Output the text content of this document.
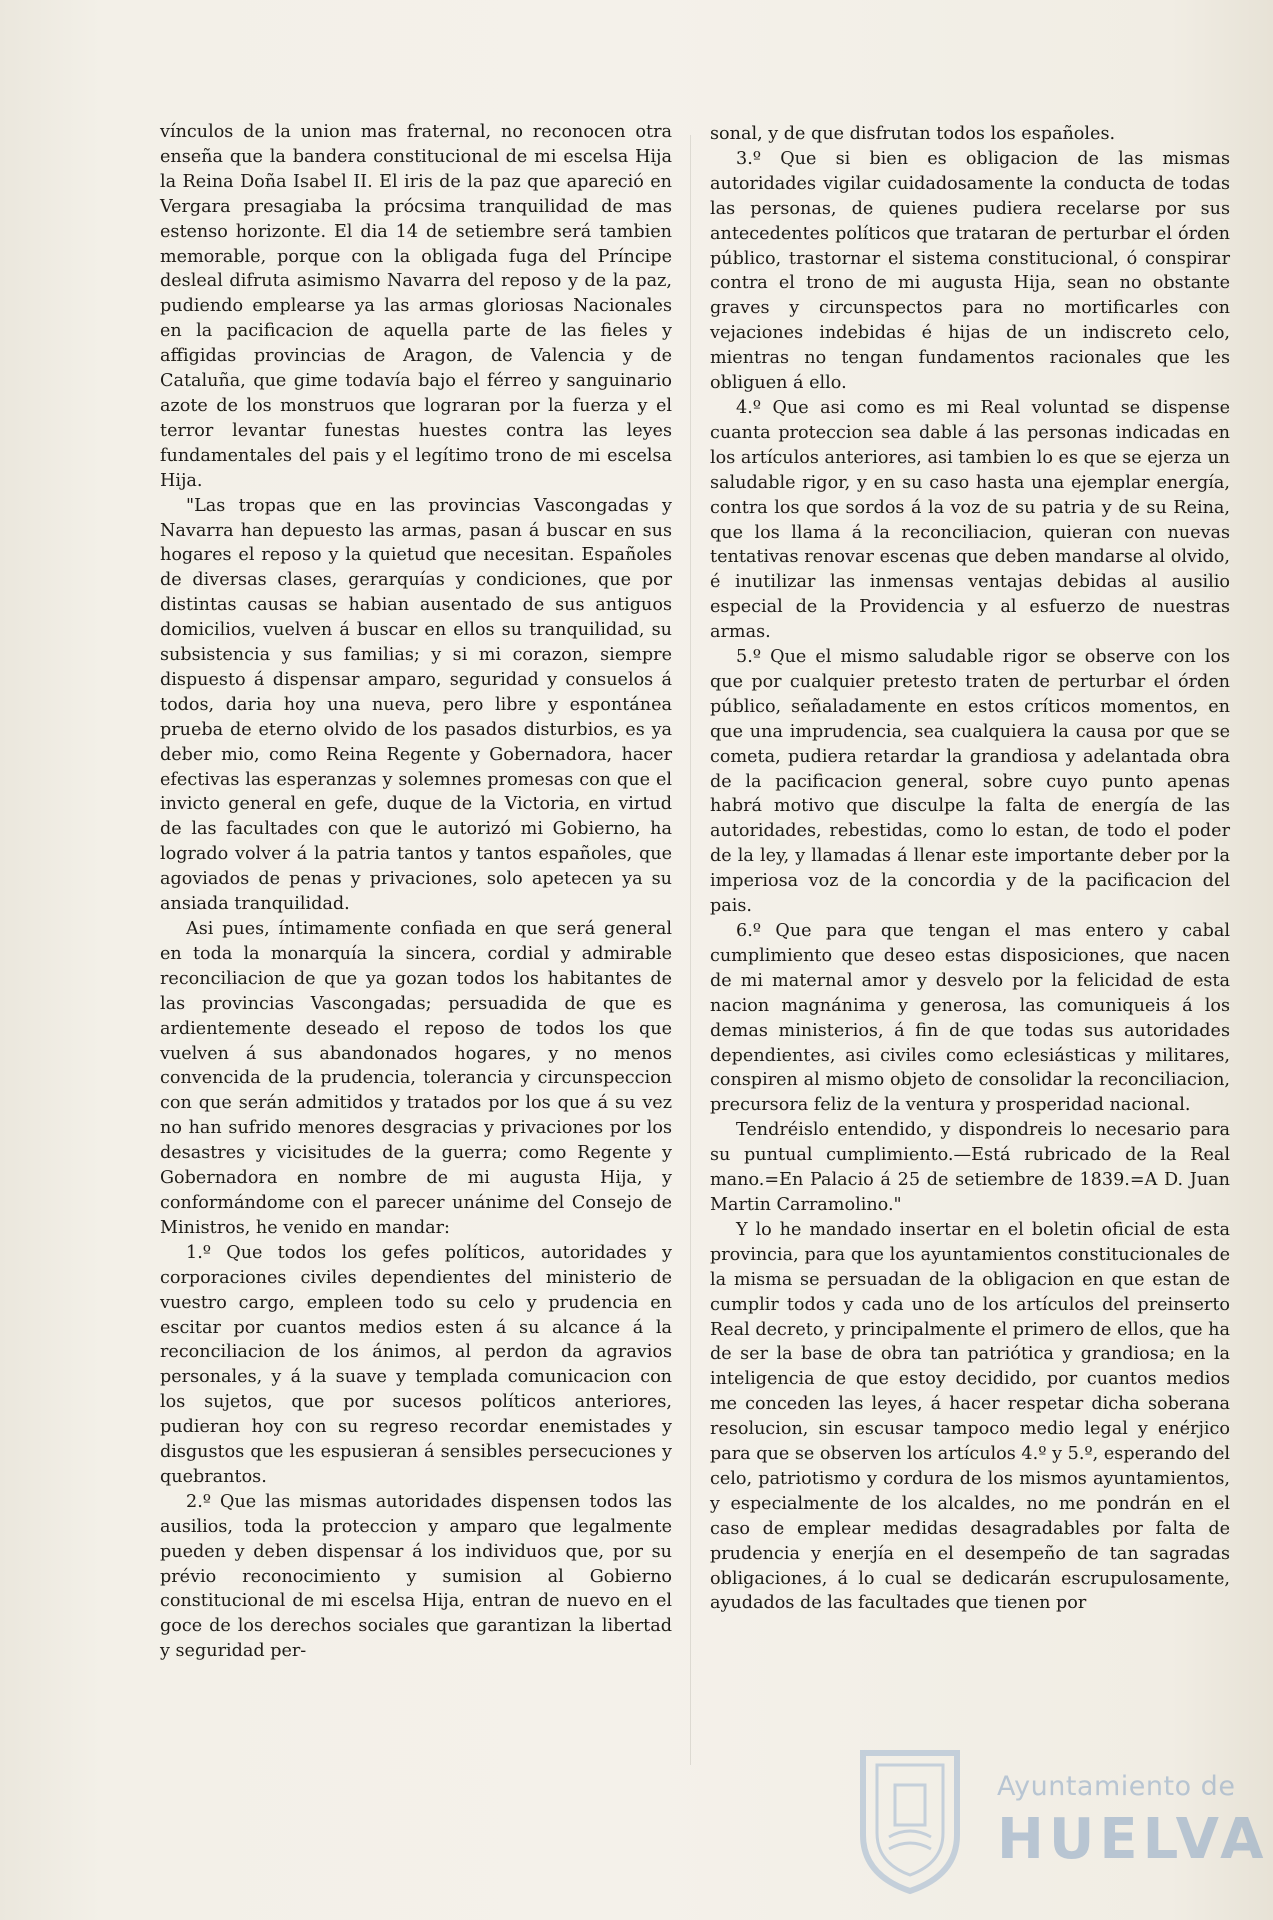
vínculos de la union mas fraternal, no reconocen otra enseña que la bandera constitucional de mi escelsa Hija la Reina Doña Isabel II. El iris de la paz que apareció en Vergara presagiaba la prócsima tranquilidad de mas estenso horizonte. El dia 14 de setiembre será tambien memorable, porque con la obligada fuga del Príncipe desleal difruta asimismo Navarra del reposo y de la paz, pudiendo emplearse ya las armas gloriosas Nacionales en la pacificacion de aquella parte de las fieles y affigidas provincias de Aragon, de Valencia y de Cataluña, que gime todavía bajo el férreo y sanguinario azote de los monstruos que lograran por la fuerza y el terror levantar funestas huestes contra las leyes fundamentales del pais y el legítimo trono de mi escelsa Hija.

"Las tropas que en las provincias Vascongadas y Navarra han depuesto las armas, pasan á buscar en sus hogares el reposo y la quietud que necesitan. Españoles de diversas clases, gerarquías y condiciones, que por distintas causas se habian ausentado de sus antiguos domicilios, vuelven á buscar en ellos su tranquilidad, su subsistencia y sus familias; y si mi corazon, siempre dispuesto á dispensar amparo, seguridad y consuelos á todos, daria hoy una nueva, pero libre y espontánea prueba de eterno olvido de los pasados disturbios, es ya deber mio, como Reina Regente y Gobernadora, hacer efectivas las esperanzas y solemnes promesas con que el invicto general en gefe, duque de la Victoria, en virtud de las facultades con que le autorizó mi Gobierno, ha logrado volver á la patria tantos y tantos españoles, que agoviados de penas y privaciones, solo apetecen ya su ansiada tranquilidad.

Asi pues, íntimamente confiada en que será general en toda la monarquía la sincera, cordial y admirable reconciliacion de que ya gozan todos los habitantes de las provincias Vascongadas; persuadida de que es ardientemente deseado el reposo de todos los que vuelven á sus abandonados hogares, y no menos convencida de la prudencia, tolerancia y circunspeccion con que serán admitidos y tratados por los que á su vez no han sufrido menores desgracias y privaciones por los desastres y vicisitudes de la guerra; como Regente y Gobernadora en nombre de mi augusta Hija, y conformándome con el parecer unánime del Consejo de Ministros, he venido en mandar:

1.º Que todos los gefes políticos, autoridades y corporaciones civiles dependientes del ministerio de vuestro cargo, empleen todo su celo y prudencia en escitar por cuantos medios esten á su alcance á la reconciliacion de los ánimos, al perdon da agravios personales, y á la suave y templada comunicacion con los sujetos, que por sucesos políticos anteriores, pudieran hoy con su regreso recordar enemistades y disgustos que les espusieran á sensibles persecuciones y quebrantos.

2.º Que las mismas autoridades dispensen todos las ausilios, toda la proteccion y amparo que legalmente pueden y deben dispensar á los individuos que, por su prévio reconocimiento y sumision al Gobierno constitucional de mi escelsa Hija, entran de nuevo en el goce de los derechos sociales que garantizan la libertad y seguridad per-

sonal, y de que disfrutan todos los españoles.

3.º Que si bien es obligacion de las mismas autoridades vigilar cuidadosamente la conducta de todas las personas, de quienes pudiera recelarse por sus antecedentes políticos que trataran de perturbar el órden público, trastornar el sistema constitucional, ó conspirar contra el trono de mi augusta Hija, sean no obstante graves y circunspectos para no mortificarles con vejaciones indebidas é hijas de un indiscreto celo, mientras no tengan fundamentos racionales que les obliguen á ello.

4.º Que asi como es mi Real voluntad se dispense cuanta proteccion sea dable á las personas indicadas en los artículos anteriores, asi tambien lo es que se ejerza un saludable rigor, y en su caso hasta una ejemplar energía, contra los que sordos á la voz de su patria y de su Reina, que los llama á la reconciliacion, quieran con nuevas tentativas renovar escenas que deben mandarse al olvido, é inutilizar las inmensas ventajas debidas al ausilio especial de la Providencia y al esfuerzo de nuestras armas.

5.º Que el mismo saludable rigor se observe con los que por cualquier pretesto traten de perturbar el órden público, señaladamente en estos críticos momentos, en que una imprudencia, sea cualquiera la causa por que se cometa, pudiera retardar la grandiosa y adelantada obra de la pacificacion general, sobre cuyo punto apenas habrá motivo que disculpe la falta de energía de las autoridades, rebestidas, como lo estan, de todo el poder de la ley, y llamadas á llenar este importante deber por la imperiosa voz de la concordia y de la pacificacion del pais.

6.º Que para que tengan el mas entero y cabal cumplimiento que deseo estas disposiciones, que nacen de mi maternal amor y desvelo por la felicidad de esta nacion magnánima y generosa, las comuniqueis á los demas ministerios, á fin de que todas sus autoridades dependientes, asi civiles como eclesiásticas y militares, conspiren al mismo objeto de consolidar la reconciliacion, precursora feliz de la ventura y prosperidad nacional.

Tendréislo entendido, y dispondreis lo necesario para su puntual cumplimiento.—Está rubricado de la Real mano.=En Palacio á 25 de setiembre de 1839.=A D. Juan Martin Carramolino."

Y lo he mandado insertar en el boletin oficial de esta provincia, para que los ayuntamientos constitucionales de la misma se persuadan de la obligacion en que estan de cumplir todos y cada uno de los artículos del preinserto Real decreto, y principalmente el primero de ellos, que ha de ser la base de obra tan patriótica y grandiosa; en la inteligencia de que estoy decidido, por cuantos medios me conceden las leyes, á hacer respetar dicha soberana resolucion, sin escusar tampoco medio legal y enérjico para que se observen los artículos 4.º y 5.º, esperando del celo, patriotismo y cordura de los mismos ayuntamientos, y especialmente de los alcaldes, no me pondrán en el caso de emplear medidas desagradables por falta de prudencia y enerjía en el desempeño de tan sagradas obligaciones, á lo cual se dedicarán escrupulosamente, ayudados de las facultades que tienen por

Ayuntamiento de
HUELVA
